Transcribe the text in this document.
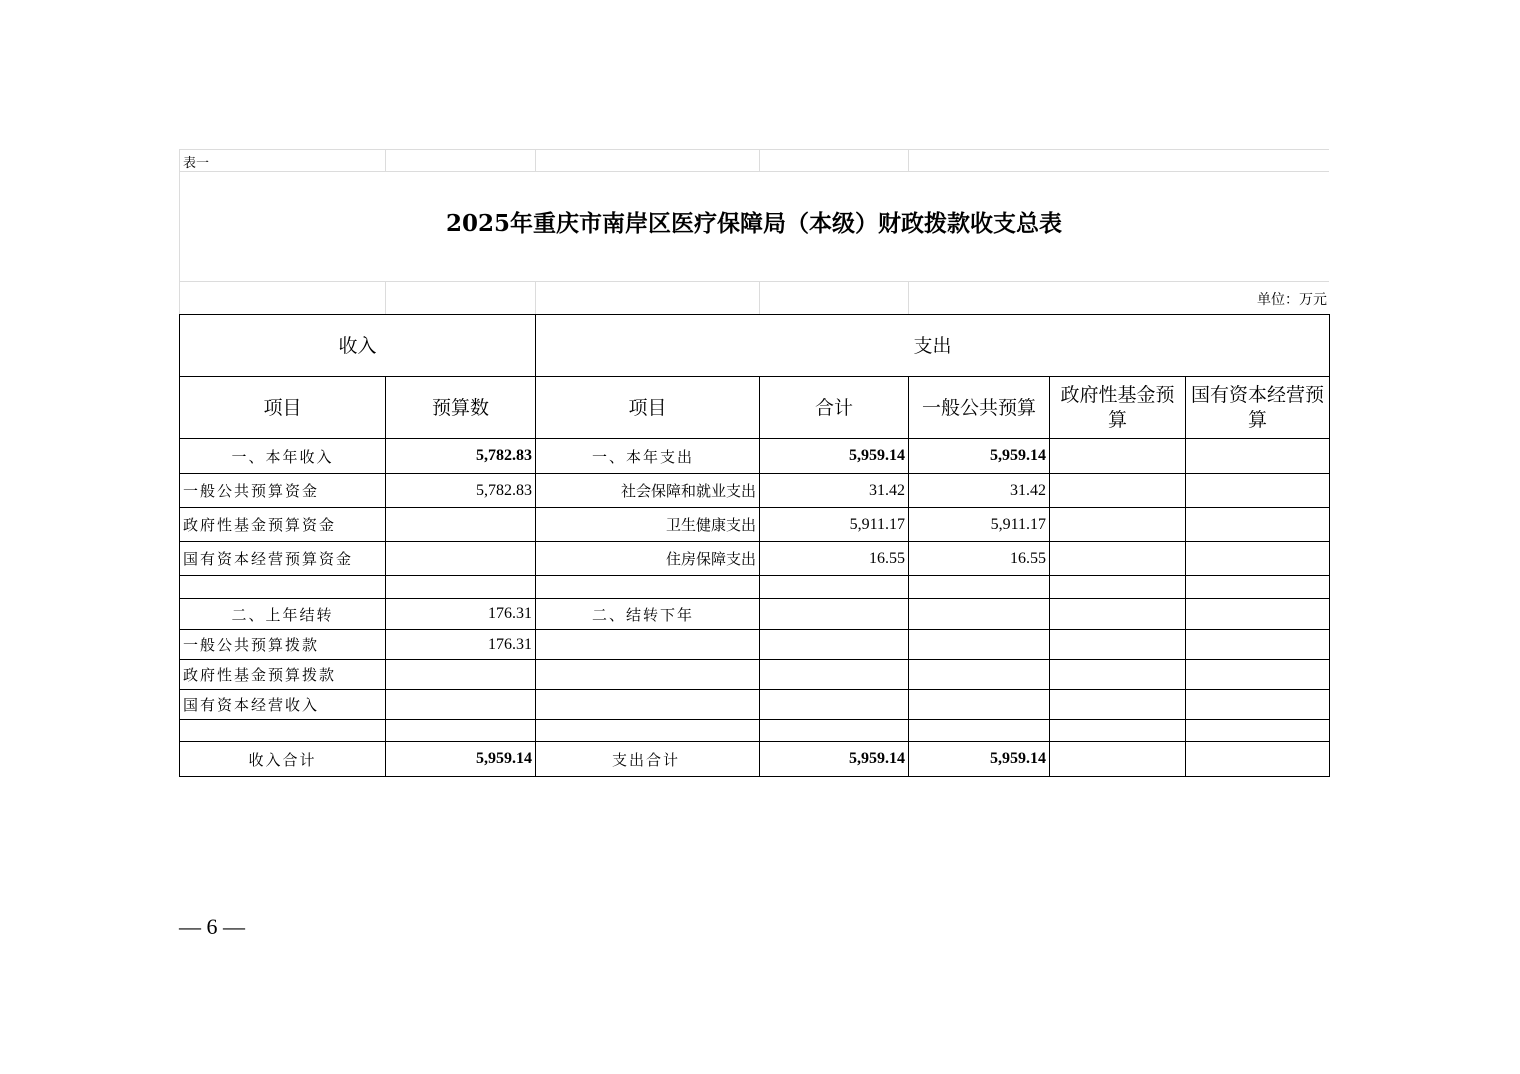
表一
2025年重庆市南岸区医疗保障局（本级）财政拨款收支总表
单位：万元
收入		支出				
项目	预算数	项目	合计	一般公共预算	政府性基金预算	国有资本经营预算
一、本年收入	5,782.83	一、本年支出	5,959.14	5,959.14		
一般公共预算资金	5,782.83	社会保障和就业支出	31.42	31.42		
政府性基金预算资金		卫生健康支出	5,911.17	5,911.17		
国有资本经营预算资金		住房保障支出	16.55	16.55		

二、上年结转	176.31	二、结转下年				
一般公共预算拨款	176.31					
政府性基金预算拨款						
国有资本经营收入						

收入合计	5,959.14	支出合计	5,959.14	5,959.14		
— 6 —
